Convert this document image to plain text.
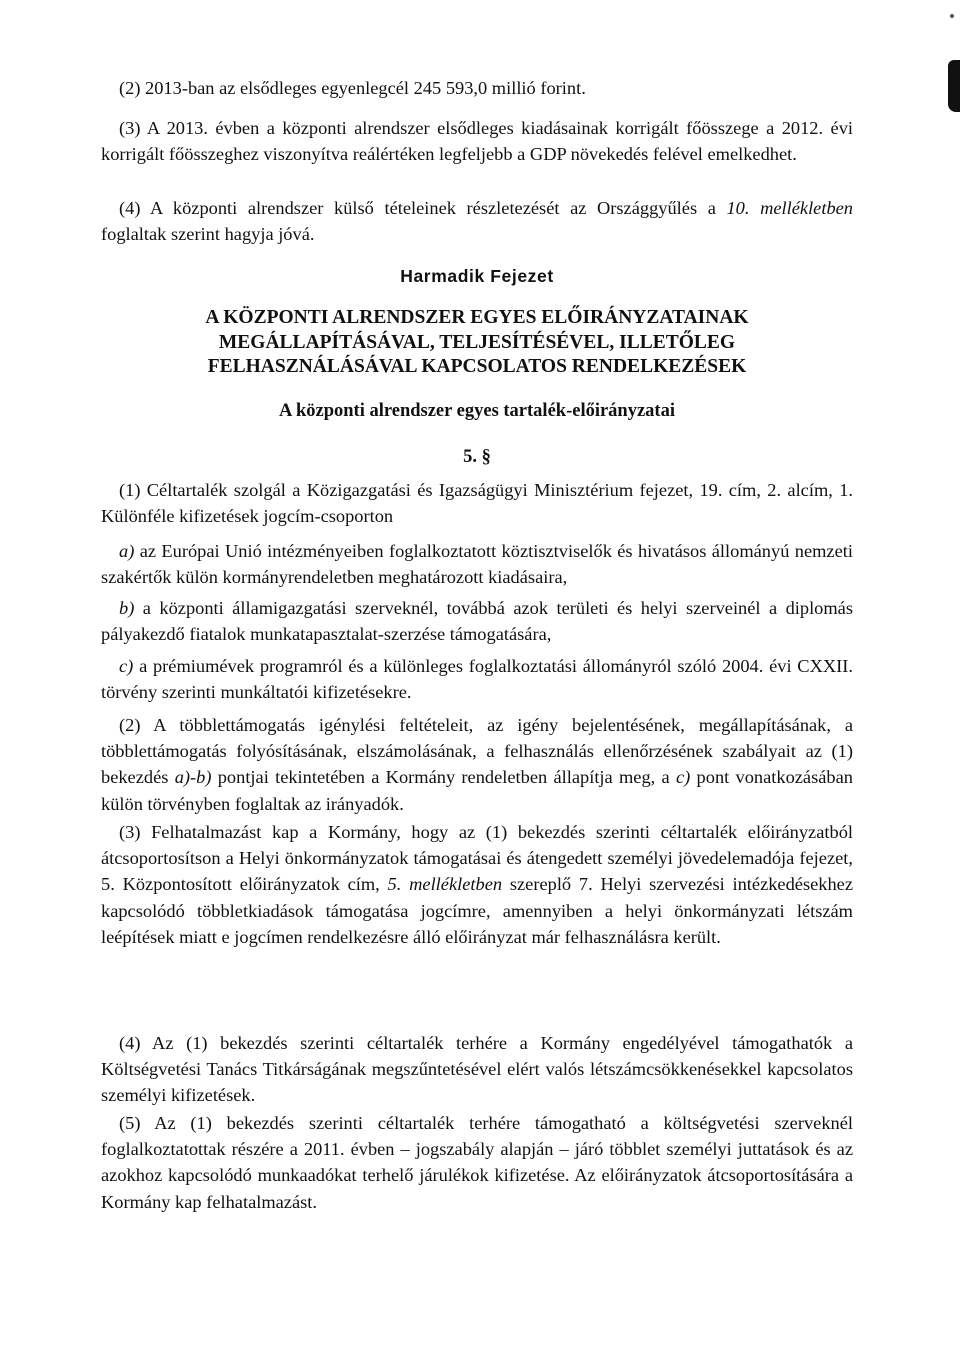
(2) 2013-ban az elsődleges egyenlegcél 245 593,0 millió forint.

(3) A 2013. évben a központi alrendszer elsődleges kiadásainak korrigált főösszege a 2012. évi korrigált főösszeghez viszonyítva reálértéken legfeljebb a GDP növekedés felével emelkedhet.

(4) A központi alrendszer külső tételeinek részletezését az Országgyűlés a 10. mellékletben foglaltak szerint hagyja jóvá.

Harmadik Fejezet

A KÖZPONTI ALRENDSZER EGYES ELŐIRÁNYZATAINAK

MEGÁLLAPÍTÁSÁVAL, TELJESÍTÉSÉVEL, ILLETŐLEG

FELHASZNÁLÁSÁVAL KAPCSOLATOS RENDELKEZÉSEK

A központi alrendszer egyes tartalék-előirányzatai

5. §

(1) Céltartalék szolgál a Közigazgatási és Igazságügyi Minisztérium fejezet, 19. cím, 2. alcím, 1. Különféle kifizetések jogcím-csoporton

a) az Európai Unió intézményeiben foglalkoztatott köztisztviselők és hivatásos állományú nemzeti szakértők külön kormányrendeletben meghatározott kiadásaira,

b) a központi államigazgatási szerveknél, továbbá azok területi és helyi szerveinél a diplomás pályakezdő fiatalok munkatapasztalat-szerzése támogatására,

c) a prémiumévek programról és a különleges foglalkoztatási állományról szóló 2004. évi CXXII. törvény szerinti munkáltatói kifizetésekre.

(2) A többlettámogatás igénylési feltételeit, az igény bejelentésének, megállapításának, a többlettámogatás folyósításának, elszámolásának, a felhasználás ellenőrzésének szabályait az (1) bekezdés a)-b) pontjai tekintetében a Kormány rendeletben állapítja meg, a c) pont vonatkozásában külön törvényben foglaltak az irányadók.

(3) Felhatalmazást kap a Kormány, hogy az (1) bekezdés szerinti céltartalék előirányzatból átcsoportosítson a Helyi önkormányzatok támogatásai és átengedett személyi jövedelemadója fejezet, 5. Központosított előirányzatok cím, 5. mellékletben szereplő 7. Helyi szervezési intézkedésekhez kapcsolódó többletkiadások támogatása jogcímre, amennyiben a helyi önkormányzati létszám leépítések miatt e jogcímen rendelkezésre álló előirányzat már felhasználásra került.

(4) Az (1) bekezdés szerinti céltartalék terhére a Kormány engedélyével támogathatók a Költségvetési Tanács Titkárságának megszűntetésével elért valós létszámcsökkenésekkel kapcsolatos személyi kifizetések.

(5) Az (1) bekezdés szerinti céltartalék terhére támogatható a költségvetési szerveknél foglalkoztatottak részére a 2011. évben – jogszabály alapján – járó többlet személyi juttatások és az azokhoz kapcsolódó munkaadókat terhelő járulékok kifizetése. Az előirányzatok átcsoportosítására a Kormány kap felhatalmazást.
